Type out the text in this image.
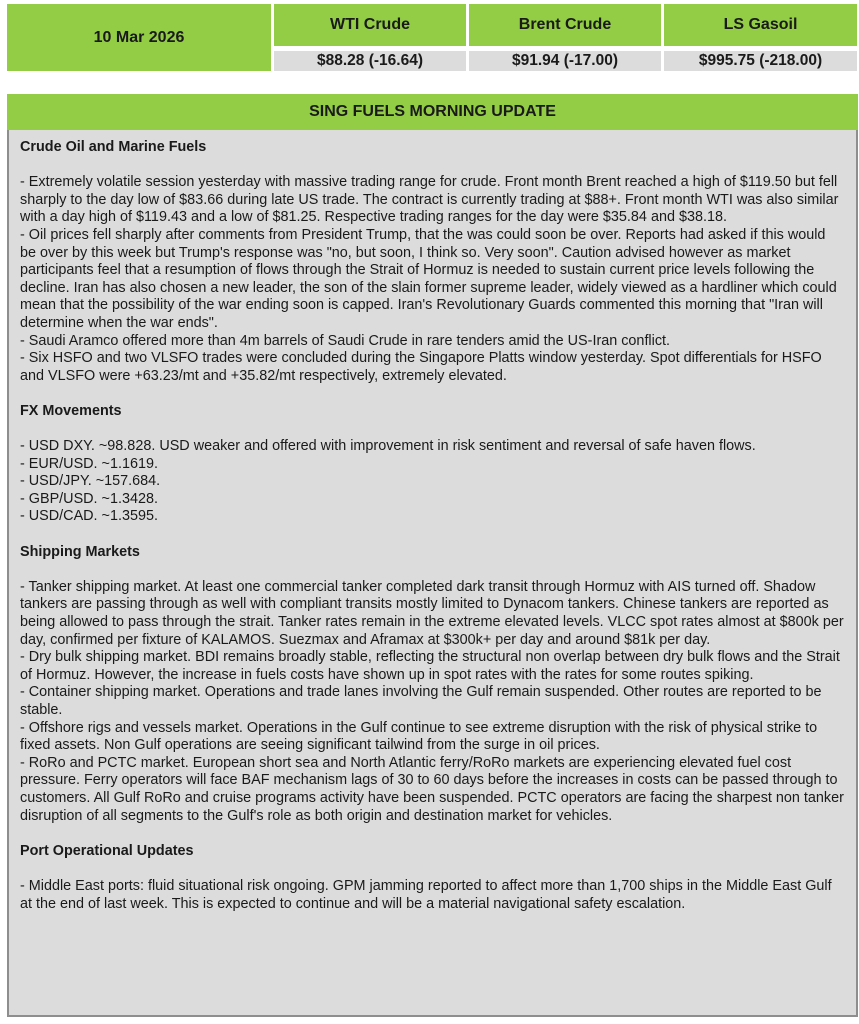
10 Mar 2026
WTI Crude
$88.28 (-16.64)
Brent Crude
$91.94 (-17.00)
LS Gasoil
$995.75 (-218.00)
SING FUELS MORNING UPDATE
Crude Oil and Marine Fuels

- Extremely volatile session yesterday with massive trading range for crude. Front month Brent reached a high of $119.50 but fell sharply to the day low of $83.66 during late US trade. The contract is currently trading at $88+. Front month WTI was also similar with a day high of $119.43 and a low of $81.25. Respective trading ranges for the day were $35.84 and $38.18.

- Oil prices fell sharply after comments from President Trump, that the was could soon be over. Reports had asked if this would be over by this week but Trump's response was "no, but soon, I think so. Very soon". Caution advised however as market participants feel that a resumption of flows through the Strait of Hormuz is needed to sustain current price levels following the decline. Iran has also chosen a new leader, the son of the slain former supreme leader, widely viewed as a hardliner which could mean that the possibility of the war ending soon is capped. Iran's Revolutionary Guards commented this morning that "Iran will determine when the war ends".

- Saudi Aramco offered more than 4m barrels of Saudi Crude in rare tenders amid the US-Iran conflict.

- Six HSFO and two VLSFO trades were concluded during the Singapore Platts window yesterday. Spot differentials for HSFO and VLSFO were +63.23/mt and +35.82/mt respectively, extremely elevated.

FX Movements

- USD DXY. ~98.828. USD weaker and offered with improvement in risk sentiment and reversal of safe haven flows.

- EUR/USD. ~1.1619.

- USD/JPY. ~157.684.

- GBP/USD. ~1.3428.

- USD/CAD. ~1.3595.

Shipping Markets

- Tanker shipping market. At least one commercial tanker completed dark transit through Hormuz with AIS turned off. Shadow tankers are passing through as well with compliant transits mostly limited to Dynacom tankers. Chinese tankers are reported as being allowed to pass through the strait. Tanker rates remain in the extreme elevated levels. VLCC spot rates almost at $800k per day, confirmed per fixture of KALAMOS. Suezmax and Aframax at $300k+ per day and around $81k per day.

- Dry bulk shipping market. BDI remains broadly stable, reflecting the structural non overlap between dry bulk flows and the Strait of Hormuz. However, the increase in fuels costs have shown up in spot rates with the rates for some routes spiking.

- Container shipping market. Operations and trade lanes involving the Gulf remain suspended. Other routes are reported to be stable.

- Offshore rigs and vessels market. Operations in the Gulf continue to see extreme disruption with the risk of physical strike to fixed assets. Non Gulf operations are seeing significant tailwind from the surge in oil prices.

- RoRo and PCTC market. European short sea and North Atlantic ferry/RoRo markets are experiencing elevated fuel cost pressure. Ferry operators will face BAF mechanism lags of 30 to 60 days before the increases in costs can be passed through to customers. All Gulf RoRo and cruise programs activity have been suspended. PCTC operators are facing the sharpest non tanker disruption of all segments to the Gulf's role as both origin and destination market for vehicles.

Port Operational Updates

- Middle East ports: fluid situational risk ongoing. GPM jamming reported to affect more than 1,700 ships in the Middle East Gulf at the end of last week. This is expected to continue and will be a material navigational safety escalation.
